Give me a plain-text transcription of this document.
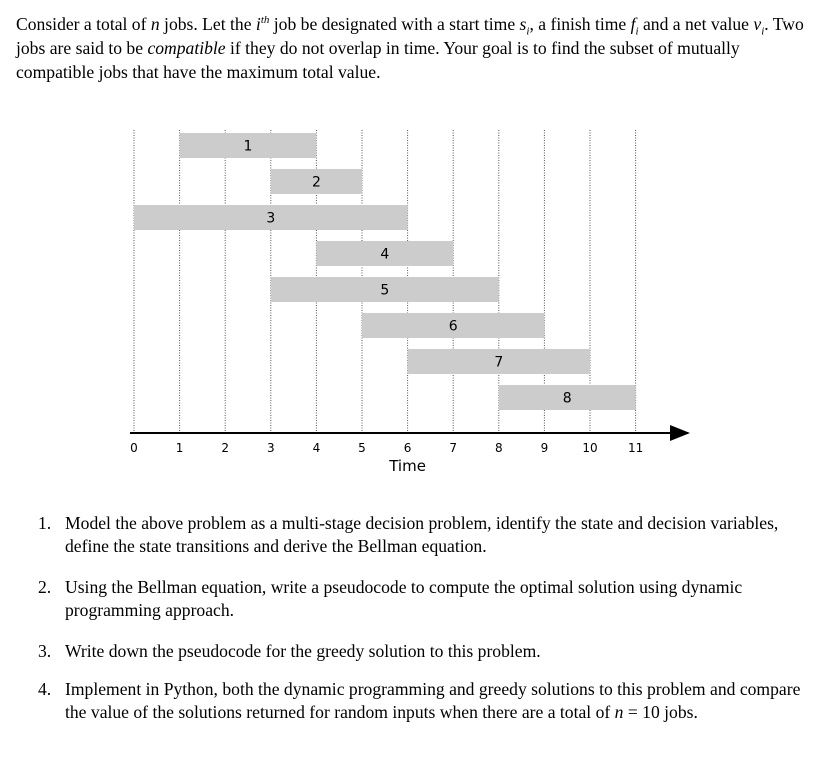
Consider a total of n jobs. Let the $i^{th}$ job be designated with a start time $s_i$, a finish time $f_i$ and a net value $v_i$. Two jobs are said to be compatible if they do not overlap in time. Your goal is to find the subset of mutually compatible jobs that have the maximum total value.

1
2
3
4
5
6
7
8
0	1	2	3	4	5	6	7	8	9	10	11
Time
1. Model the above problem as a multi-stage decision problem, identify the state and decision variables, define the state transitions and derive the Bellman equation.
2. Using the Bellman equation, write a pseudocode to compute the optimal solution using dynamic programming approach.
3. Write down the pseudocode for the greedy solution to this problem.
4. Implement in Python, both the dynamic programming and greedy solutions to this problem and compare the value of the solutions returned for random inputs when there are a total of n = 10 jobs.
